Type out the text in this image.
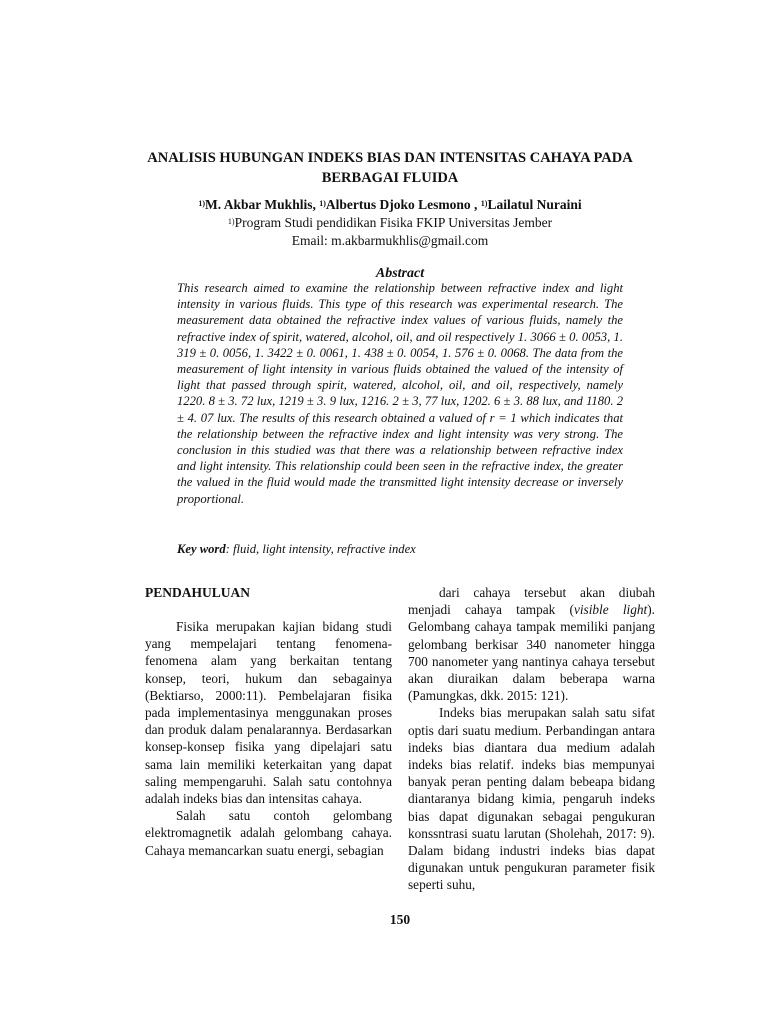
ANALISIS HUBUNGAN INDEKS BIAS DAN INTENSITAS CAHAYA PADA BERBAGAI FLUIDA
$^{1)}$M. Akbar Mukhlis, $^{1)}$Albertus Djoko Lesmono , $^{1)}$Lailatul Nuraini
$^{1)}$Program Studi pendidikan Fisika FKIP Universitas Jember
Email: m.akbarmukhlis@gmail.com
Abstract

This research aimed to examine the relationship between refractive index and light intensity in various fluids. This type of this research was experimental research. The measurement data obtained the refractive index values of various fluids, namely the refractive index of spirit, watered, alcohol, oil, and oil respectively 1. 3066 ± 0. 0053, 1. 319 ± 0. 0056, 1. 3422 ± 0. 0061, 1. 438 ± 0. 0054, 1. 576 ± 0. 0068. The data from the measurement of light intensity in various fluids obtained the valued of the intensity of light that passed through spirit, watered, alcohol, oil, and oil, respectively, namely 1220. 8 ± 3. 72 lux, 1219 ± 3. 9 lux, 1216. 2 ± 3, 77 lux, 1202. 6 ± 3. 88 lux, and 1180. 2 ± 4. 07 lux. The results of this research obtained a valued of r = 1 which indicates that the relationship between the refractive index and light intensity was very strong. The conclusion in this studied was that there was a relationship between refractive index and light intensity. This relationship could been seen in the refractive index, the greater the valued in the fluid would made the transmitted light intensity decrease or inversely proportional.

Key word: fluid, light intensity, refractive index
PENDAHULUAN

Fisika merupakan kajian bidang studi yang mempelajari tentang fenomena-fenomena alam yang berkaitan tentang konsep, teori, hukum dan sebagainya (Bektiarso, 2000:11). Pembelajaran fisika pada implementasinya menggunakan proses dan produk dalam penalarannya. Berdasarkan konsep-konsep fisika yang dipelajari satu sama lain memiliki keterkaitan yang dapat saling mempengaruhi. Salah satu contohnya adalah indeks bias dan intensitas cahaya.

Salah satu contoh gelombang elektromagnetik adalah gelombang cahaya. Cahaya memancarkan suatu energi, sebagian

dari cahaya tersebut akan diubah menjadi cahaya tampak (visible light). Gelombang cahaya tampak memiliki panjang gelombang berkisar 340 nanometer hingga 700 nanometer yang nantinya cahaya tersebut akan diuraikan dalam beberapa warna (Pamungkas, dkk. 2015: 121).

Indeks bias merupakan salah satu sifat optis dari suatu medium. Perbandingan antara indeks bias diantara dua medium adalah indeks bias relatif. indeks bias mempunyai banyak peran penting dalam bebeapa bidang diantaranya bidang kimia, pengaruh indeks bias dapat digunakan sebagai pengukuran konssntrasi suatu larutan (Sholehah, 2017: 9). Dalam bidang industri indeks bias dapat digunakan untuk pengukuran parameter fisik seperti suhu,

150
